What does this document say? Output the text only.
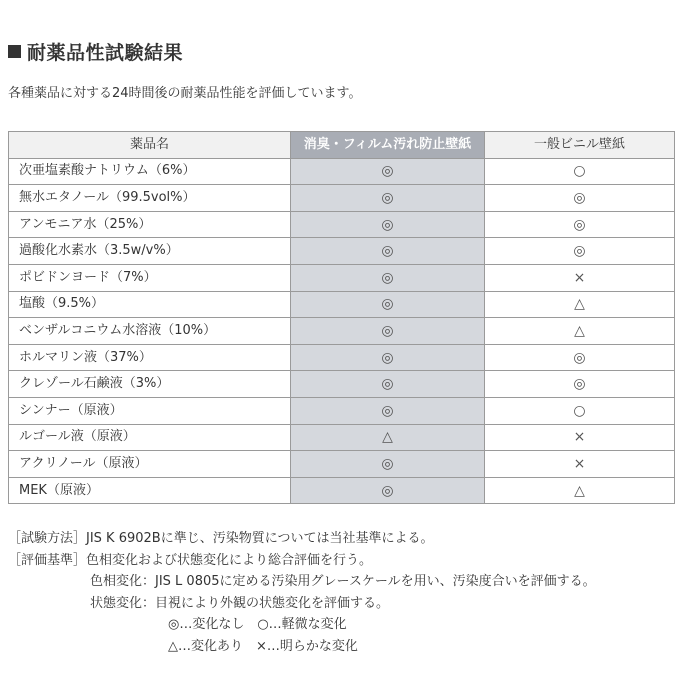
耐薬品性試験結果
各種薬品に対する24時間後の耐薬品性能を評価しています。
薬品名	消臭・フィルム汚れ防止壁紙	一般ビニル壁紙
次亜塩素酸ナトリウム（6%）	◎	○
無水エタノール（99.5vol%）	◎	◎
アンモニア水（25%）	◎	◎
過酸化水素水（3.5w/v%）	◎	◎
ポビドンヨード（7%）	◎	×
塩酸（9.5%）	◎	△
ベンザルコニウム水溶液（10%）	◎	△
ホルマリン液（37%）	◎	◎
クレゾール石鹸液（3%）	◎	◎
シンナー（原液）	◎	○
ルゴール液（原液）	△	×
アクリノール（原液）	◎	×
MEK（原液）	◎	△
［試験方法］JIS K 6902Bに準じ、汚染物質については当社基準による。
［評価基準］色相変化および状態変化により総合評価を行う。
色相変化：JIS L 0805に定める汚染用グレースケールを用い、汚染度合いを評価する。
状態変化：目視により外観の状態変化を評価する。
◎…変化なし　○…軽微な変化
△…変化あり　×…明らかな変化
